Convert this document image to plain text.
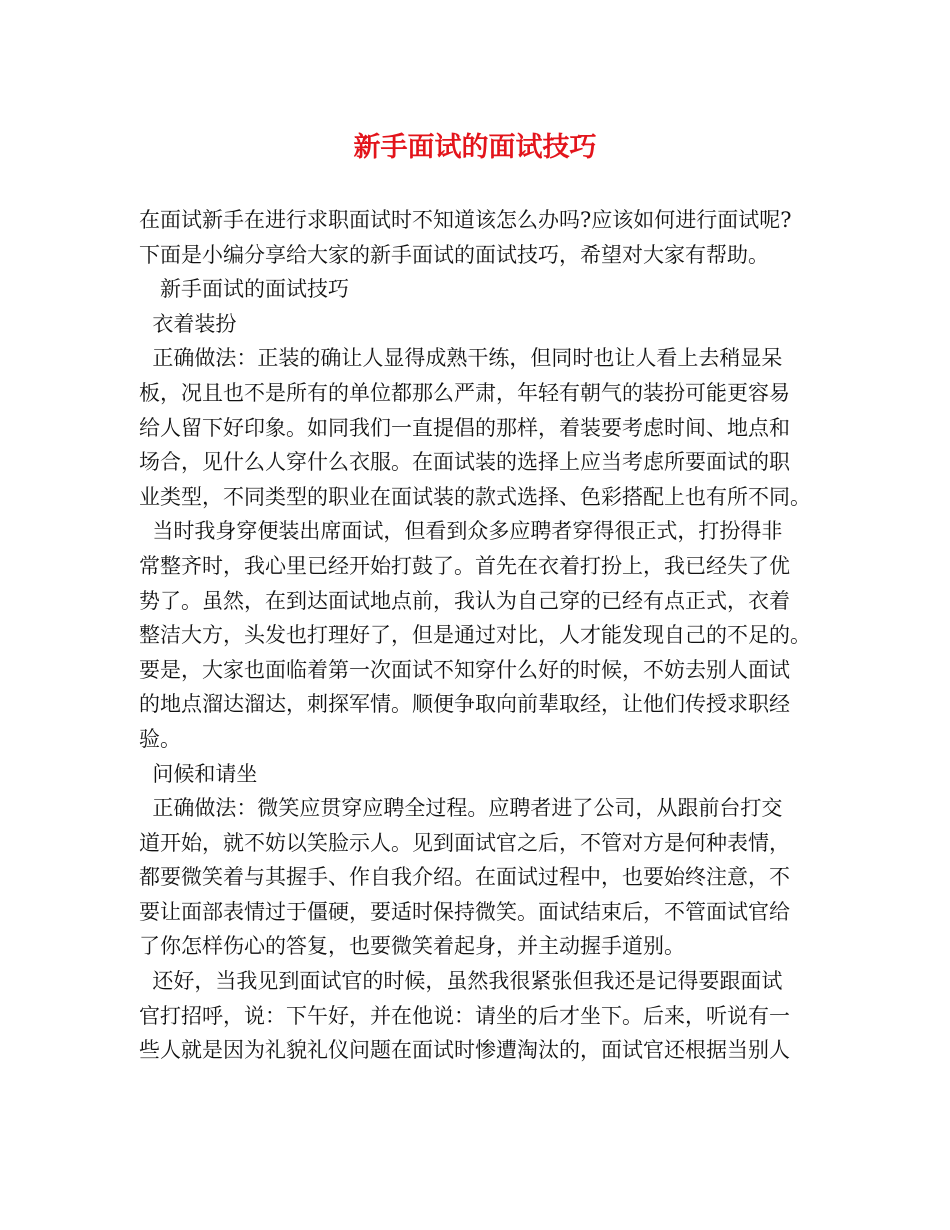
新手面试的面试技巧

在面试新手在进行求职面试时不知道该怎么办吗?应该如何进行面试呢?

下面是小编分享给大家的新手面试的面试技巧，希望对大家有帮助。

　新手面试的面试技巧

衣着装扮

正确做法：正装的确让人显得成熟干练，但同时也让人看上去稍显呆

板，况且也不是所有的单位都那么严肃，年轻有朝气的装扮可能更容易

给人留下好印象。如同我们一直提倡的那样，着装要考虑时间、地点和

场合，见什么人穿什么衣服。在面试装的选择上应当考虑所要面试的职

业类型，不同类型的职业在面试装的款式选择、色彩搭配上也有所不同。

当时我身穿便装出席面试，但看到众多应聘者穿得很正式，打扮得非

常整齐时，我心里已经开始打鼓了。首先在衣着打扮上，我已经失了优

势了。虽然，在到达面试地点前，我认为自己穿的已经有点正式，衣着

整洁大方，头发也打理好了，但是通过对比，人才能发现自己的不足的。

要是，大家也面临着第一次面试不知穿什么好的时候，不妨去别人面试

的地点溜达溜达，刺探军情。顺便争取向前辈取经，让他们传授求职经

验。

问候和请坐

正确做法：微笑应贯穿应聘全过程。应聘者进了公司，从跟前台打交

道开始，就不妨以笑脸示人。见到面试官之后，不管对方是何种表情，

都要微笑着与其握手、作自我介绍。在面试过程中，也要始终注意，不

要让面部表情过于僵硬，要适时保持微笑。面试结束后，不管面试官给

了你怎样伤心的答复，也要微笑着起身，并主动握手道别。

还好，当我见到面试官的时候，虽然我很紧张但我还是记得要跟面试

官打招呼，说：下午好，并在他说：请坐的后才坐下。后来，听说有一

些人就是因为礼貌礼仪问题在面试时惨遭淘汰的，面试官还根据当别人
